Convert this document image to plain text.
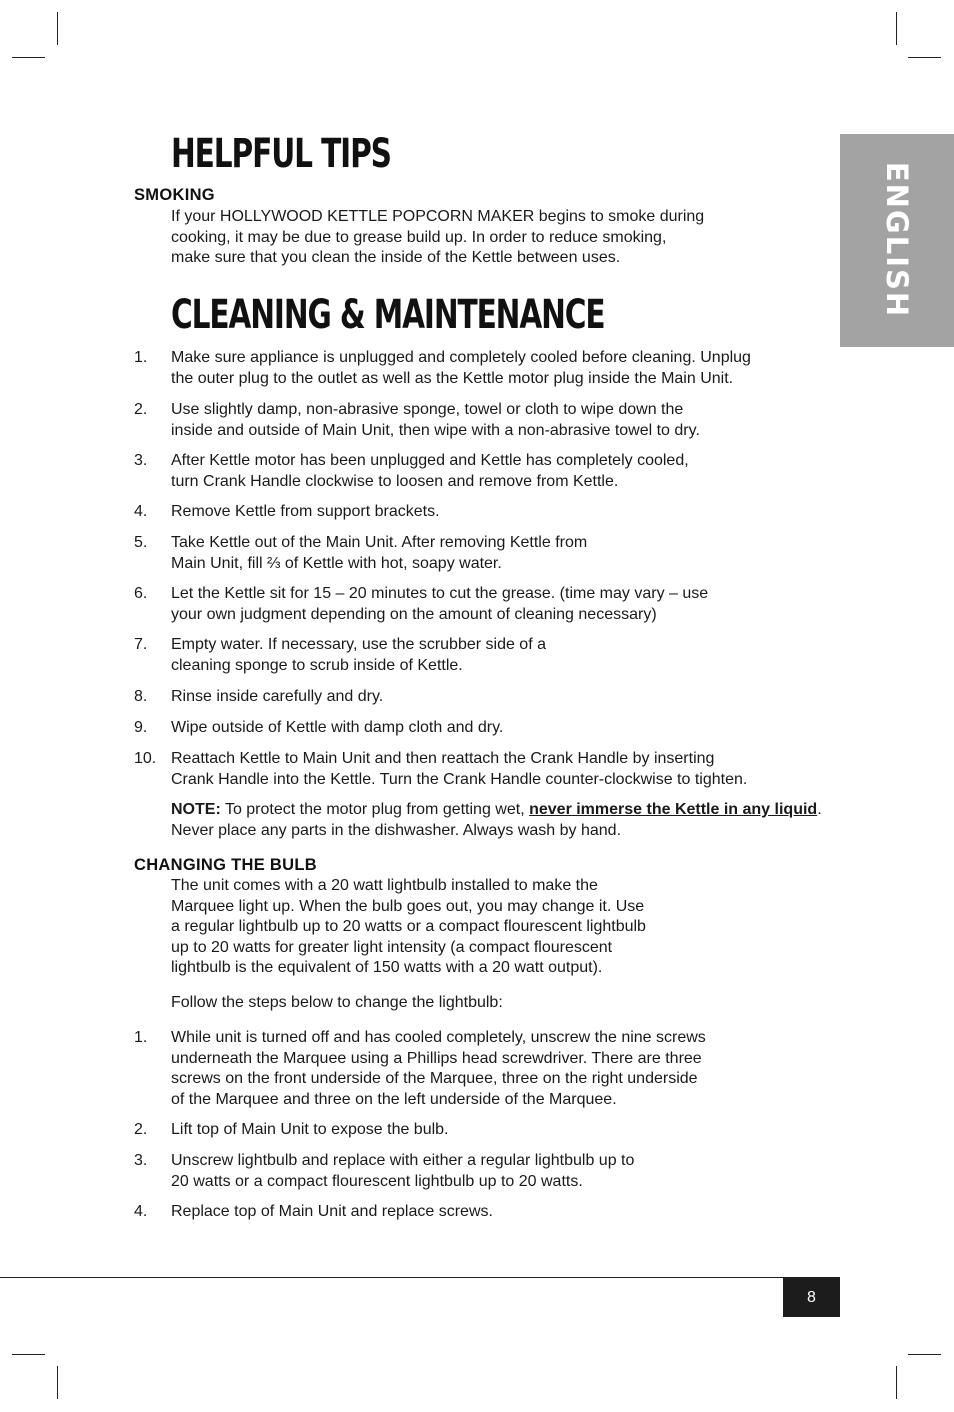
ENGLISH
HELPFUL TIPS
SMOKING

If your HOLLYWOOD KETTLE POPCORN MAKER begins to smoke during
cooking, it may be due to grease build up. In order to reduce smoking,
make sure that you clean the inside of the Kettle between uses.

CLEANING & MAINTENANCE
1. Make sure appliance is unplugged and completely cooled before cleaning. Unplug
the outer plug to the outlet as well as the Kettle motor plug inside the Main Unit.

2. Use slightly damp, non-abrasive sponge, towel or cloth to wipe down the
inside and outside of Main Unit, then wipe with a non-abrasive towel to dry.

3. After Kettle motor has been unplugged and Kettle has completely cooled,
turn Crank Handle clockwise to loosen and remove from Kettle.

4. Remove Kettle from support brackets.

5. Take Kettle out of the Main Unit. After removing Kettle from
Main Unit, fill ⅔ of Kettle with hot, soapy water.

6. Let the Kettle sit for 15 – 20 minutes to cut the grease. (time may vary – use
your own judgment depending on the amount of cleaning necessary)

7. Empty water. If necessary, use the scrubber side of a
cleaning sponge to scrub inside of Kettle.

8. Rinse inside carefully and dry.

9. Wipe outside of Kettle with damp cloth and dry.

10. Reattach Kettle to Main Unit and then reattach the Crank Handle by inserting
Crank Handle into the Kettle. Turn the Crank Handle counter-clockwise to tighten.

NOTE: To protect the motor plug from getting wet, never immerse the Kettle in any liquid. Never place any parts in the dishwasher. Always wash by hand.

CHANGING THE BULB

The unit comes with a 20 watt lightbulb installed to make the
Marquee light up. When the bulb goes out, you may change it. Use
a regular lightbulb up to 20 watts or a compact flourescent lightbulb
up to 20 watts for greater light intensity (a compact flourescent
lightbulb is the equivalent of 150 watts with a 20 watt output).

Follow the steps below to change the lightbulb:

1. While unit is turned off and has cooled completely, unscrew the nine screws
underneath the Marquee using a Phillips head screwdriver. There are three
screws on the front underside of the Marquee, three on the right underside
of the Marquee and three on the left underside of the Marquee.

2. Lift top of Main Unit to expose the bulb.

3. Unscrew lightbulb and replace with either a regular lightbulb up to
20 watts or a compact flourescent lightbulb up to 20 watts.

4. Replace top of Main Unit and replace screws.

8
